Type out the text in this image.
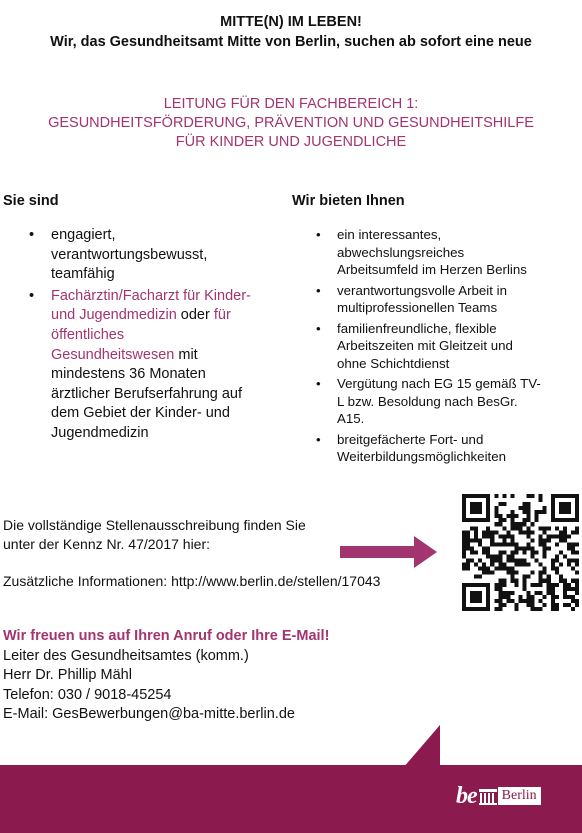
MITTE(N) IM LEBEN!
Wir, das Gesundheitsamt Mitte von Berlin, suchen ab sofort eine neue
LEITUNG FÜR DEN FACHBEREICH 1:
GESUNDHEITSFÖRDERUNG, PRÄVENTION UND GESUNDHEITSHILFE
FÜR KINDER UND JUGENDLICHE
Sie sind
• engagiert,
verantwortungsbewusst,
teamfähig
• Fachärztin/Facharzt für Kinder-
und Jugendmedizin oder für
öffentliches
Gesundheitswesen mit
mindestens 36 Monaten
ärztlicher Berufserfahrung auf
dem Gebiet der Kinder- und
Jugendmedizin
Wir bieten Ihnen
• ein interessantes,
abwechslungsreiches
Arbeitsumfeld im Herzen Berlins
• verantwortungsvolle Arbeit in
multiprofessionellen Teams
• familienfreundliche, flexible
Arbeitszeiten mit Gleitzeit und
ohne Schichtdienst
• Vergütung nach EG 15 gemäß TV-
L bzw. Besoldung nach BesGr.
A15.
• breitgefächerte Fort- und
Weiterbildungsmöglichkeiten
Die vollständige Stellenausschreibung finden Sie
unter der Kennz Nr. 47/2017 hier:
Zusätzliche Informationen: http://www.berlin.de/stellen/17043
Wir freuen uns auf Ihren Anruf oder Ihre E-Mail!
Leiter des Gesundheitsamtes (komm.)
Herr Dr. Phillip Mähl
Telefon: 030 / 9018-45254
E-Mail: GesBewerbungen@ba-mitte.berlin.de
be Berlin
